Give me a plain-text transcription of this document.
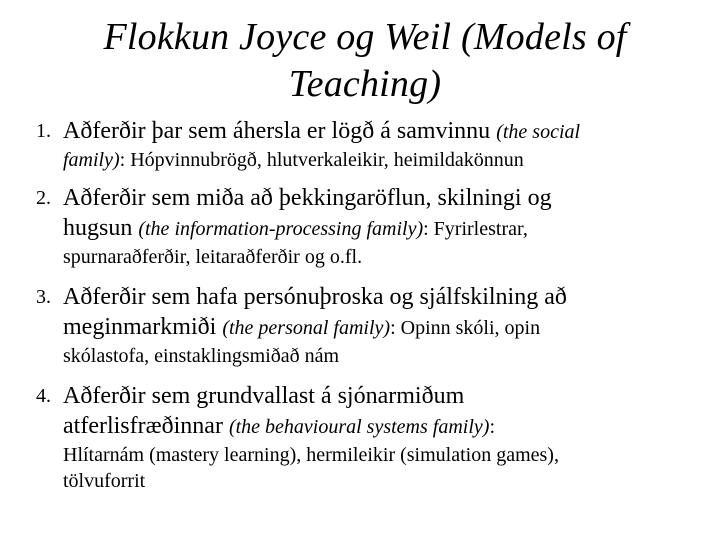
Flokkun Joyce og Weil (Models of
Teaching)
1. Aðferðir þar sem áhersla er lögð á samvinnu (the social
family): Hópvinnubrögð, hlutverkaleikir, heimildakönnun
2. Aðferðir sem miða að þekkingaröflun, skilningi og
hugsun (the information-processing family): Fyrirlestrar,
spurnaraðferðir, leitaraðferðir og o.fl.
3. Aðferðir sem hafa persónuþroska og sjálfskilning að
meginmarkmiði (the personal family): Opinn skóli, opin
skólastofa, einstaklingsmiðað nám
4. Aðferðir sem grundvallast á sjónarmiðum
atferlisfræðinnar (the behavioural systems family):
Hlítarnám (mastery learning), hermileikir (simulation games),
tölvuforrit
